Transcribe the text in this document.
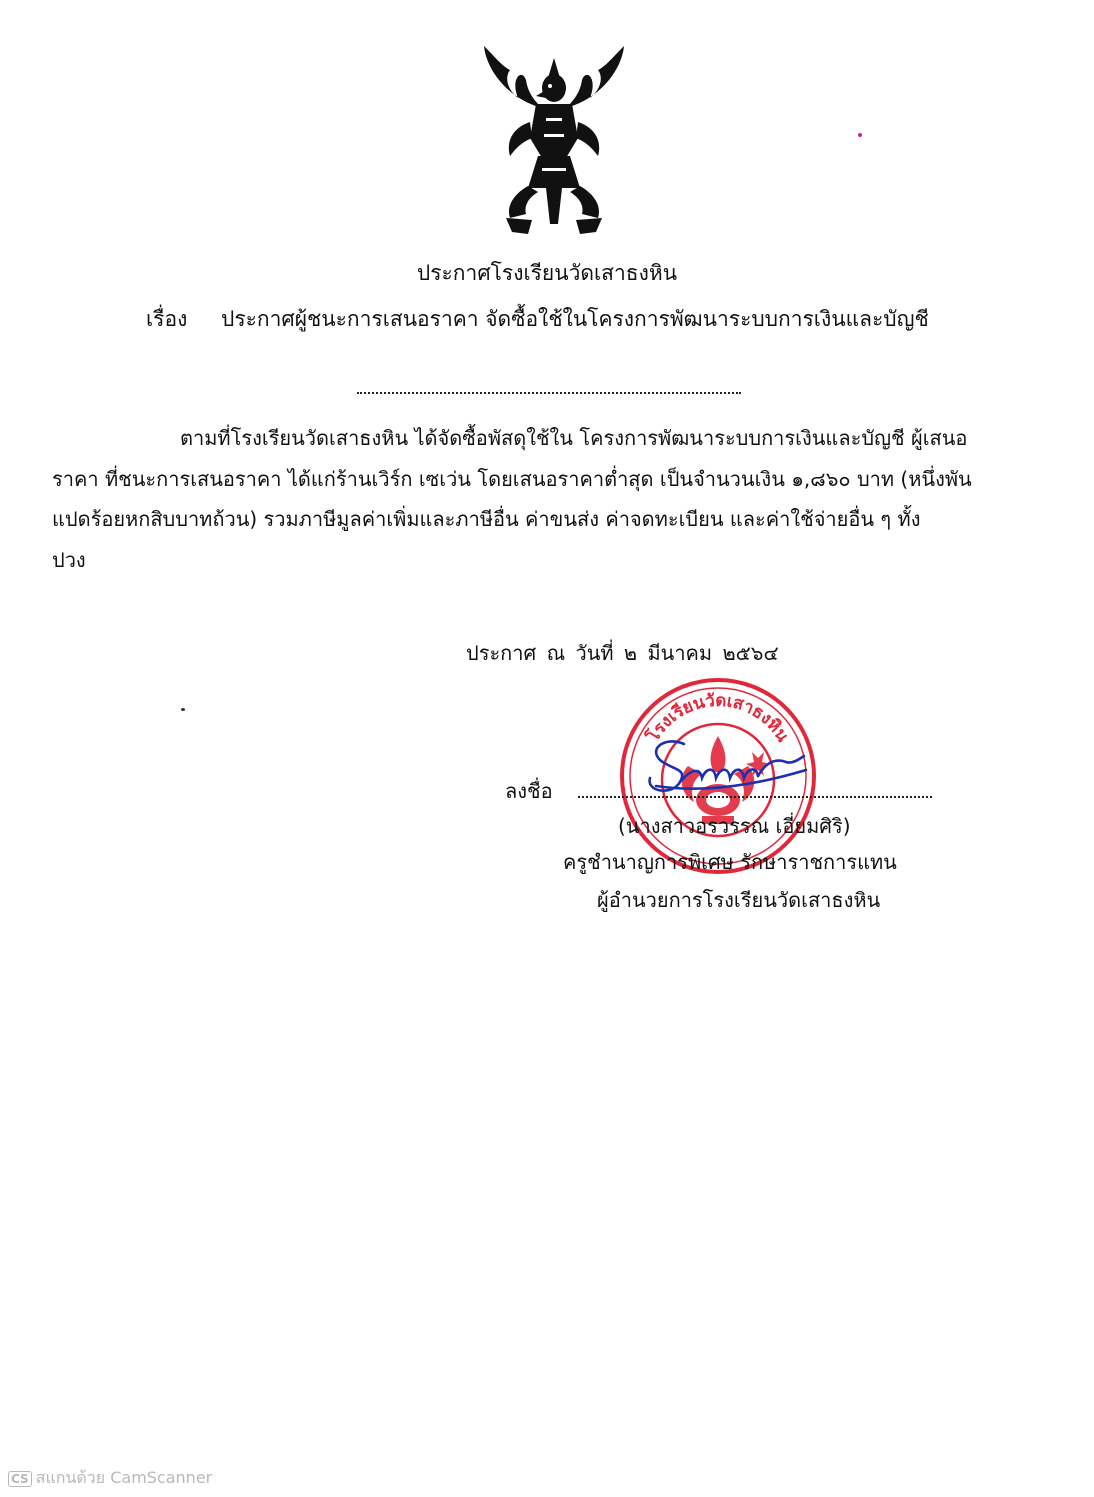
ประกาศโรงเรียนวัดเสาธงหิน
เรื่อง ประกาศผู้ชนะการเสนอราคา จัดซื้อใช้ในโครงการพัฒนาระบบการเงินและบัญชี
ตามที่โรงเรียนวัดเสาธงหิน ได้จัดซื้อพัสดุใช้ใน โครงการพัฒนาระบบการเงินและบัญชี ผู้เสนอ
ราคา ที่ชนะการเสนอราคา ได้แก่ร้านเวิร์ก เซเว่น โดยเสนอราคาต่ำสุด เป็นจำนวนเงิน ๑,๘๖๐ บาท (หนึ่งพัน
แปดร้อยหกสิบบาทถ้วน) รวมภาษีมูลค่าเพิ่มและภาษีอื่น ค่าขนส่ง ค่าจดทะเบียน และค่าใช้จ่ายอื่น ๆ ทั้ง
ปวง
ประกาศ ณ วันที่ ๒ มีนาคม ๒๕๖๔
โรงเรียนวัดเสาธงหิน
ลงชื่อ
(นางสาวอรวรรณ เอี่ยมศิริ)
ครูชำนาญการพิเศษ รักษาราชการแทน
ผู้อำนวยการโรงเรียนวัดเสาธงหิน
CS สแกนด้วย CamScanner
